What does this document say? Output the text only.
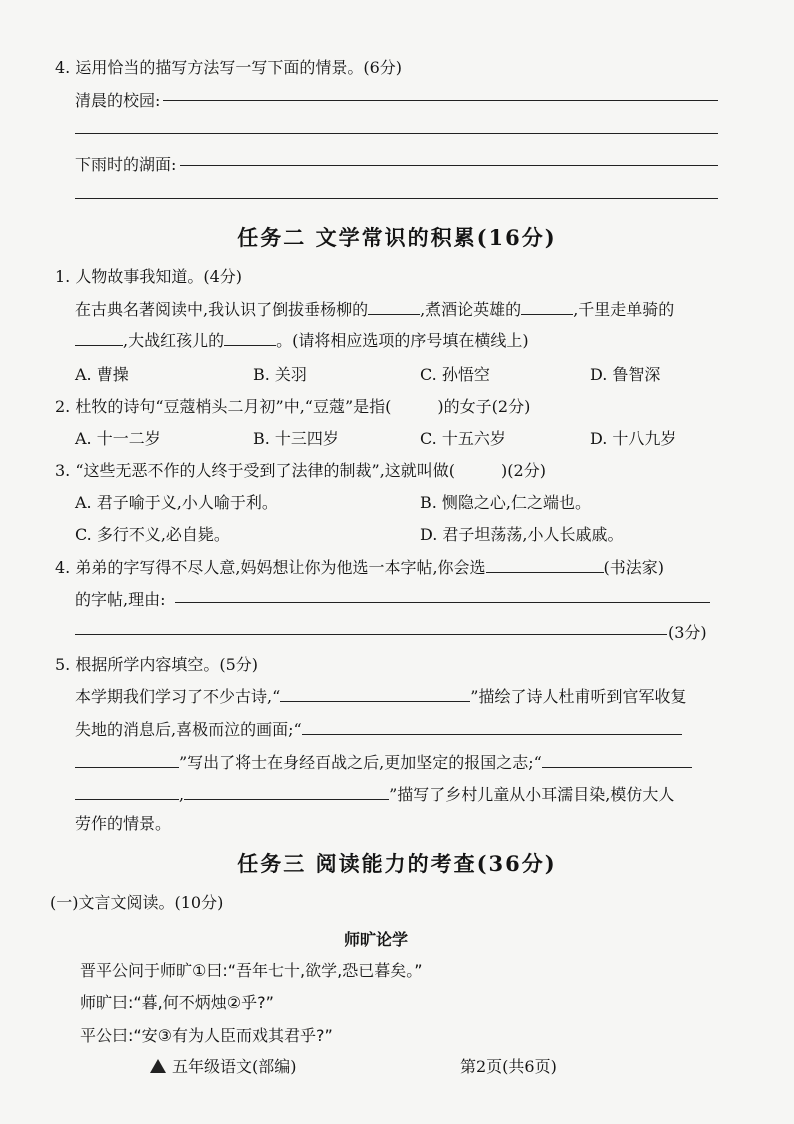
4. 运用恰当的描写方法写一写下面的情景。(6分)
清晨的校园:
下雨时的湖面:
任务二 文学常识的积累(16分)
1. 人物故事我知道。(4分)
在古典名著阅读中,我认识了倒拔垂杨柳的	,煮酒论英雄的	,千里走单骑的
,大战红孩儿的	。(请将相应选项的序号填在横线上)
A. 曹操	B. 关羽	C. 孙悟空	D. 鲁智深
2. 杜牧的诗句“豆蔻梢头二月初”中,“豆蔻”是指(	)的女子(2分)
A. 十一二岁	B. 十三四岁	C. 十五六岁	D. 十八九岁
3. “这些无恶不作的人终于受到了法律的制裁”,这就叫做(	)(2分)
A. 君子喻于义,小人喻于利。	B. 恻隐之心,仁之端也。
C. 多行不义,必自毙。	D. 君子坦荡荡,小人长戚戚。
4. 弟弟的字写得不尽人意,妈妈想让你为他选一本字帖,你会选	(书法家)
的字帖,理由:
(3分)
5. 根据所学内容填空。(5分)
本学期我们学习了不少古诗,“	”描绘了诗人杜甫听到官军收复
失地的消息后,喜极而泣的画面;“
”写出了将士在身经百战之后,更加坚定的报国之志;“
,	”描写了乡村儿童从小耳濡目染,模仿大人
劳作的情景。
任务三 阅读能力的考查(36分)
(一)文言文阅读。(10分)
师旷论学
晋平公问于师旷①曰:“吾年七十,欲学,恐已暮矣。”
师旷曰:“暮,何不炳烛②乎?”
平公曰:“安③有为人臣而戏其君乎?”
五年级语文(部编)	第2页(共6页)
